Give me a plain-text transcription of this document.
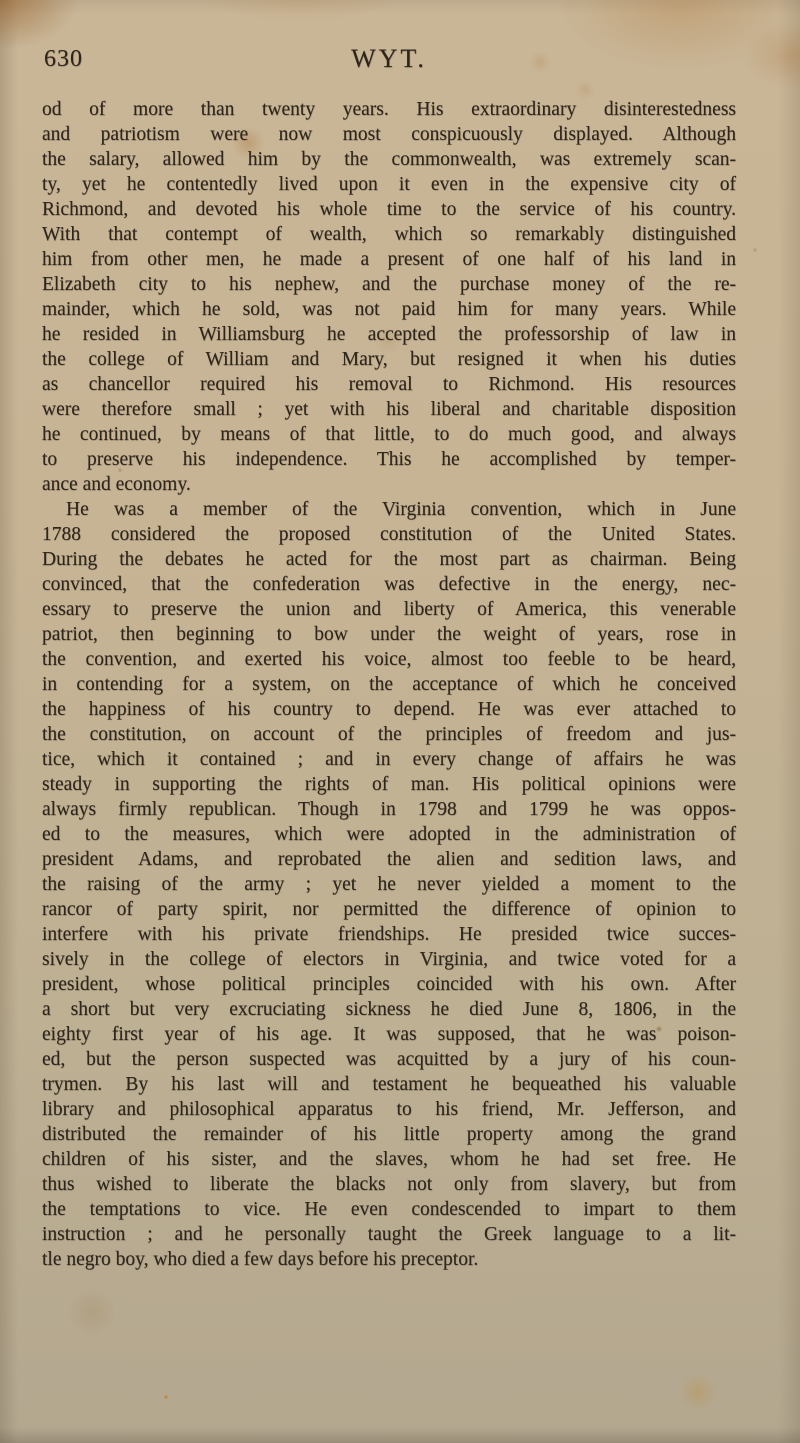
630	WYT.
od of more than twenty years. His extraordinary disinterestedness
and patriotism were now most conspicuously displayed. Although
the salary, allowed him by the commonwealth, was extremely scan-
ty, yet he contentedly lived upon it even in the expensive city of
Richmond, and devoted his whole time to the service of his country.
With that contempt of wealth, which so remarkably distinguished
him from other men, he made a present of one half of his land in
Elizabeth city to his nephew, and the purchase money of the re-
mainder, which he sold, was not paid him for many years. While
he resided in Williamsburg he accepted the professorship of law in
the college of William and Mary, but resigned it when his duties
as chancellor required his removal to Richmond. His resources
were therefore small ; yet with his liberal and charitable disposition
he continued, by means of that little, to do much good, and always
to preserve his independence. This he accomplished by temper-
ance and economy.
He was a member of the Virginia convention, which in June
1788 considered the proposed constitution of the United States.
During the debates he acted for the most part as chairman. Being
convinced, that the confederation was defective in the energy, nec-
essary to preserve the union and liberty of America, this venerable
patriot, then beginning to bow under the weight of years, rose in
the convention, and exerted his voice, almost too feeble to be heard,
in contending for a system, on the acceptance of which he conceived
the happiness of his country to depend. He was ever attached to
the constitution, on account of the principles of freedom and jus-
tice, which it contained ; and in every change of affairs he was
steady in supporting the rights of man. His political opinions were
always firmly republican. Though in 1798 and 1799 he was oppos-
ed to the measures, which were adopted in the administration of
president Adams, and reprobated the alien and sedition laws, and
the raising of the army ; yet he never yielded a moment to the
rancor of party spirit, nor permitted the difference of opinion to
interfere with his private friendships. He presided twice succes-
sively in the college of electors in Virginia, and twice voted for a
president, whose political principles coincided with his own. After
a short but very excruciating sickness he died June 8, 1806, in the
eighty first year of his age. It was supposed, that he was poison-
ed, but the person suspected was acquitted by a jury of his coun-
trymen. By his last will and testament he bequeathed his valuable
library and philosophical apparatus to his friend, Mr. Jefferson, and
distributed the remainder of his little property among the grand
children of his sister, and the slaves, whom he had set free. He
thus wished to liberate the blacks not only from slavery, but from
the temptations to vice. He even condescended to impart to them
instruction ; and he personally taught the Greek language to a lit-
tle negro boy, who died a few days before his preceptor.
